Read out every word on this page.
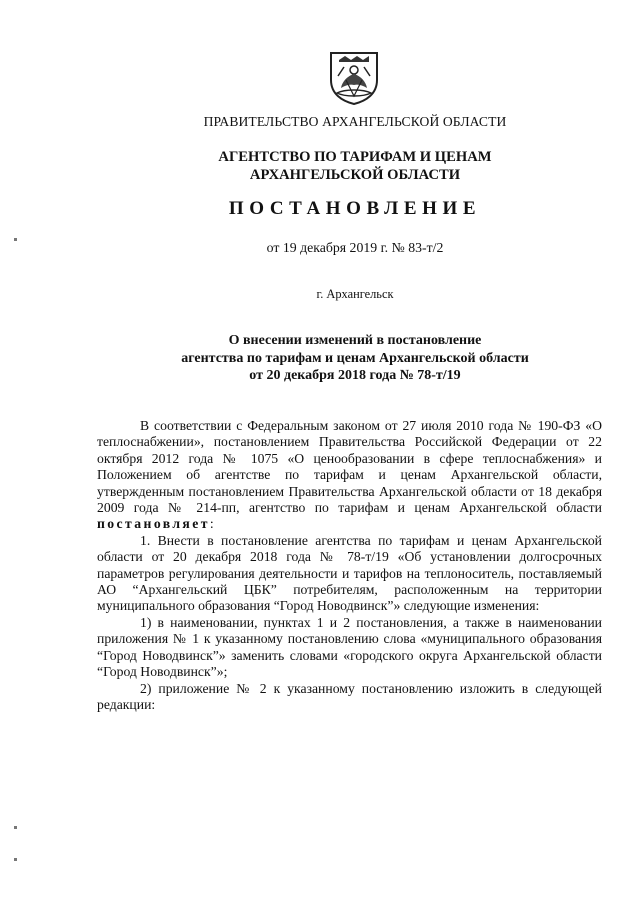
ПРАВИТЕЛЬСТВО АРХАНГЕЛЬСКОЙ ОБЛАСТИ
АГЕНТСТВО ПО ТАРИФАМ И ЦЕНАМ
АРХАНГЕЛЬСКОЙ ОБЛАСТИ
ПОСТАНОВЛЕНИЕ
от 19 декабря 2019 г. № 83-т/2
г. Архангельск
О внесении изменений в постановление
агентства по тарифам и ценам Архангельской области
от 20 декабря 2018 года № 78-т/19

В соответствии с Федеральным законом от 27 июля 2010 года № 190-ФЗ «О теплоснабжении», постановлением Правительства Российской Федерации от 22 октября 2012 года № 1075 «О ценообразовании в сфере теплоснабжения» и Положением об агентстве по тарифам и ценам Архангельской области, утвержденным постановлением Правительства Архангельской области от 18 декабря 2009 года № 214-пп, агентство по тарифам и ценам Архангельской области постановляет:

1. Внести в постановление агентства по тарифам и ценам Архангельской области от 20 декабря 2018 года № 78-т/19 «Об установлении долгосрочных параметров регулирования деятельности и тарифов на теплоноситель, поставляемый АО “Архангельский ЦБК” потребителям, расположенным на территории муниципального образования “Город Новодвинск”» следующие изменения:

1) в наименовании, пунктах 1 и 2 постановления, а также в наименовании приложения № 1 к указанному постановлению слова «муниципального образования “Город Новодвинск”» заменить словами «городского округа Архангельской области “Город Новодвинск”»;

2) приложение № 2 к указанному постановлению изложить в следующей редакции:
